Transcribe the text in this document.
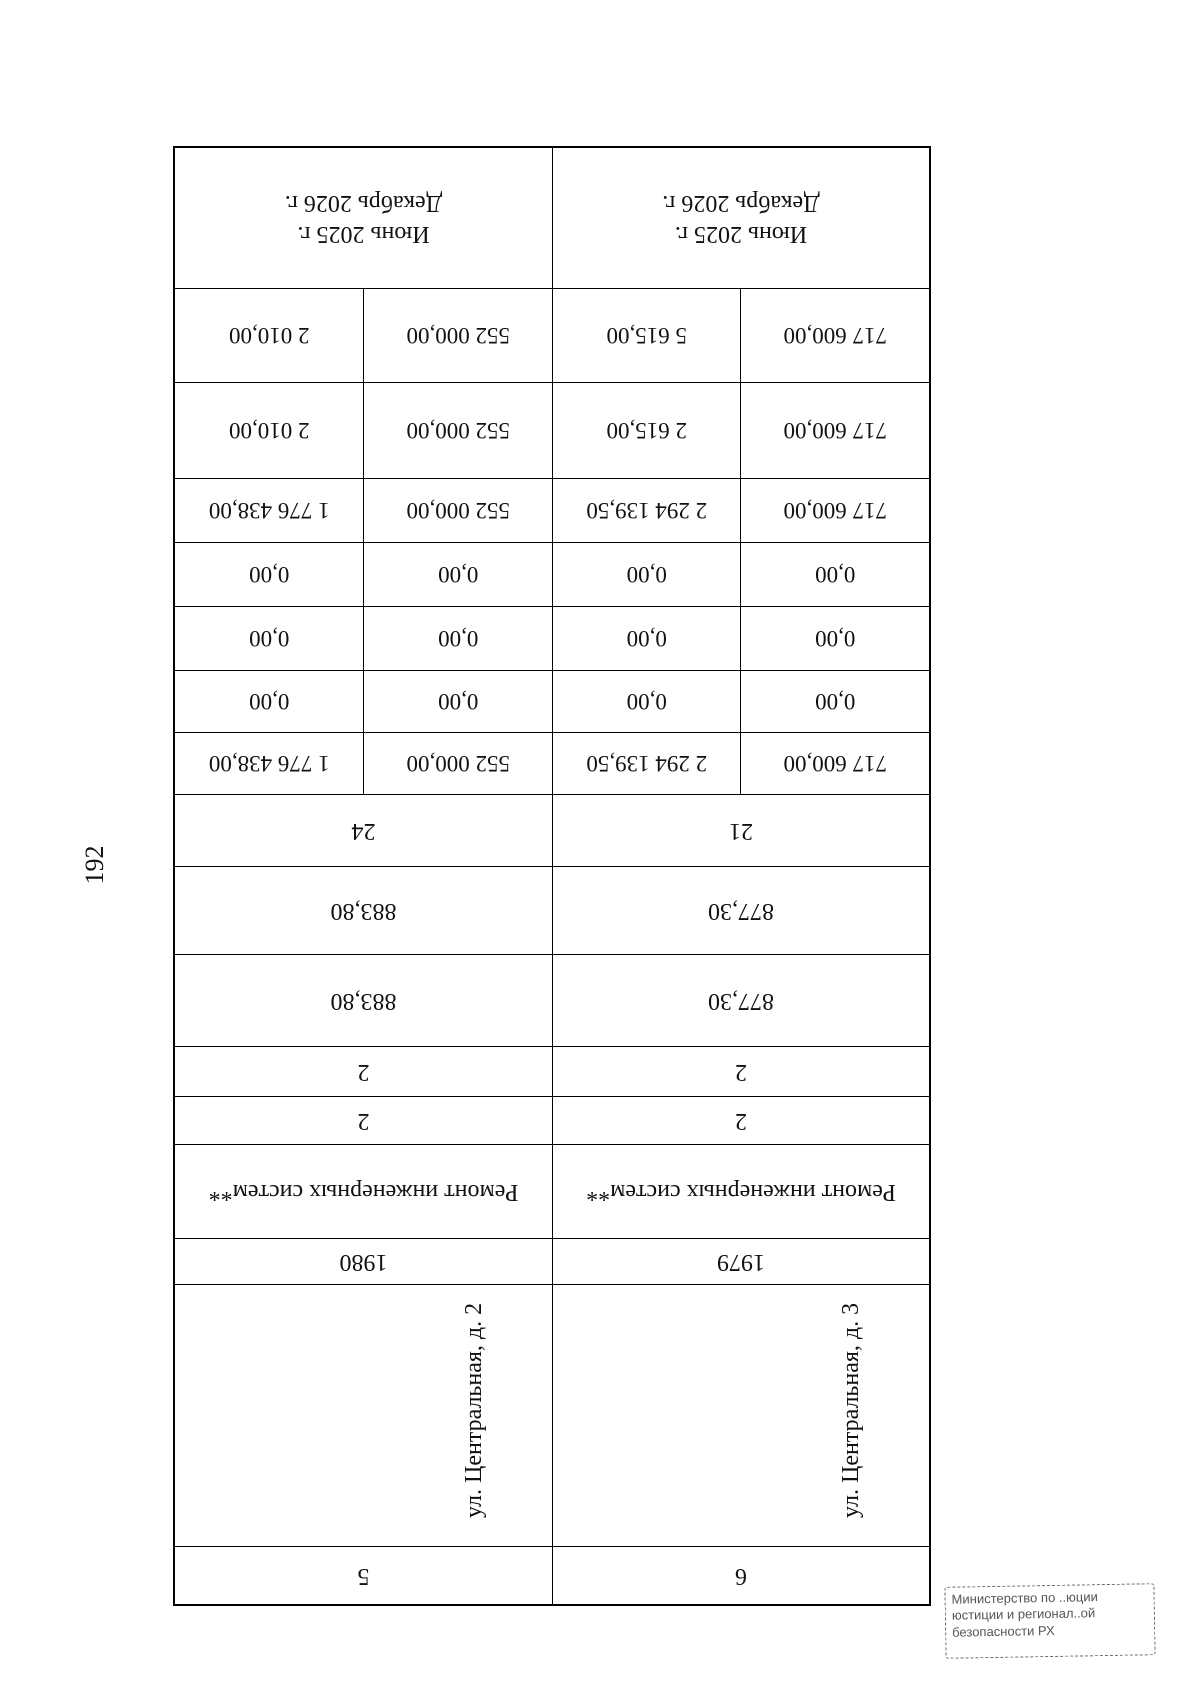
192
6
5
ул. Центральная, д. 3
ул. Центральная, д. 2
1979
1980
Ремонт инженерных систем**
Ремонт инженерных систем**
2
2
2
2
877,30
883,80
877,30
883,80
21
24
717 600,00
2 294 139,50
552 000,00
1 776 438,00
0,00
0,00
0,00
0,00
0,00
0,00
0,00
0,00
0,00
0,00
0,00
0,00
717 600,00
2 294 139,50
552 000,00
1 776 438,00
717 600,00
2 615,00
552 000,00
2 010,00
717 600,00
5 615,00
552 000,00
2 010,00
Июнь 2025 г.
Декабрь 2026 г.
Июнь 2025 г.
Декабрь 2026 г.
Министерство по ..юции
юстиции и регионал..ой
безопасности РХ
